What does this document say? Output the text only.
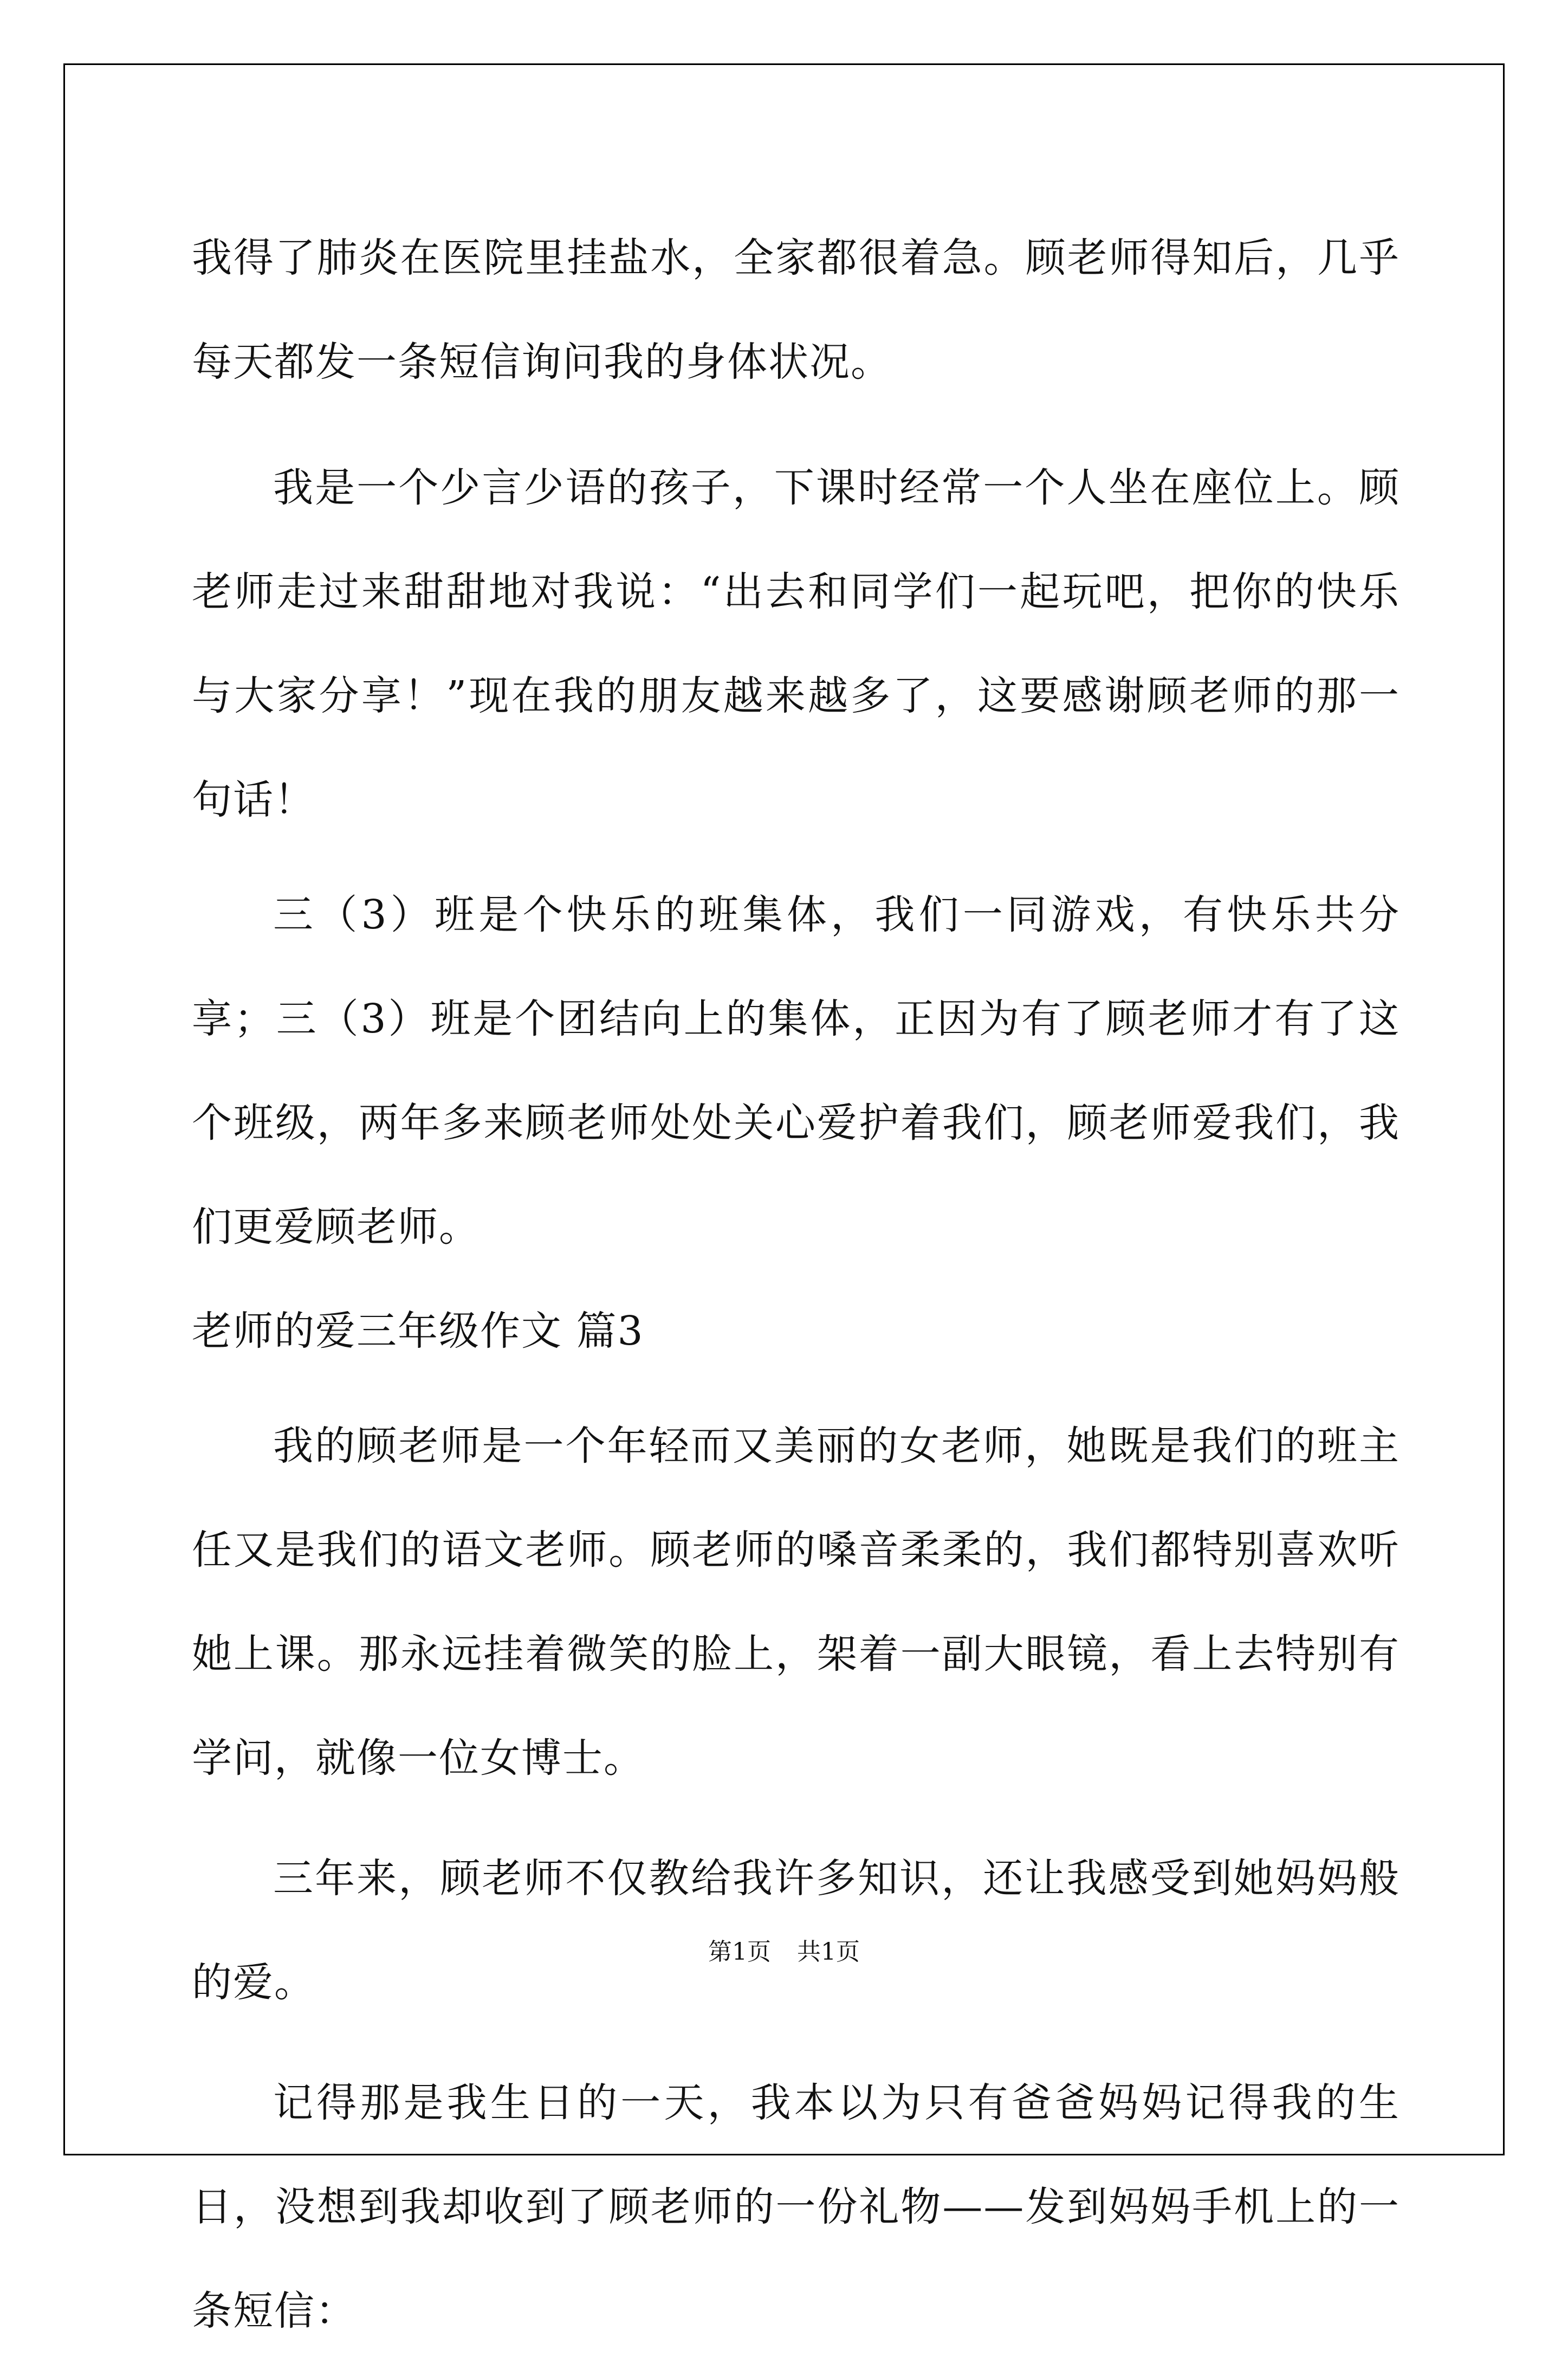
我得了肺炎在医院里挂盐水，全家都很着急。顾老师得知后，几乎每天都发一条短信询问我的身体状况。

我是一个少言少语的孩子，下课时经常一个人坐在座位上。顾老师走过来甜甜地对我说：“出去和同学们一起玩吧，把你的快乐与大家分享！”现在我的朋友越来越多了，这要感谢顾老师的那一句话！

三（3）班是个快乐的班集体，我们一同游戏，有快乐共分享；三（3）班是个团结向上的集体，正因为有了顾老师才有了这个班级，两年多来顾老师处处关心爱护着我们，顾老师爱我们，我们更爱顾老师。

老师的爱三年级作文 篇3

我的顾老师是一个年轻而又美丽的女老师，她既是我们的班主任又是我们的语文老师。顾老师的嗓音柔柔的，我们都特别喜欢听她上课。那永远挂着微笑的脸上，架着一副大眼镜，看上去特别有学问，就像一位女博士。

三年来，顾老师不仅教给我许多知识，还让我感受到她妈妈般的爱。

记得那是我生日的一天，我本以为只有爸爸妈妈记得我的生日，没想到我却收到了顾老师的一份礼物——发到妈妈手机上的一条短信：

第1页 共1页
